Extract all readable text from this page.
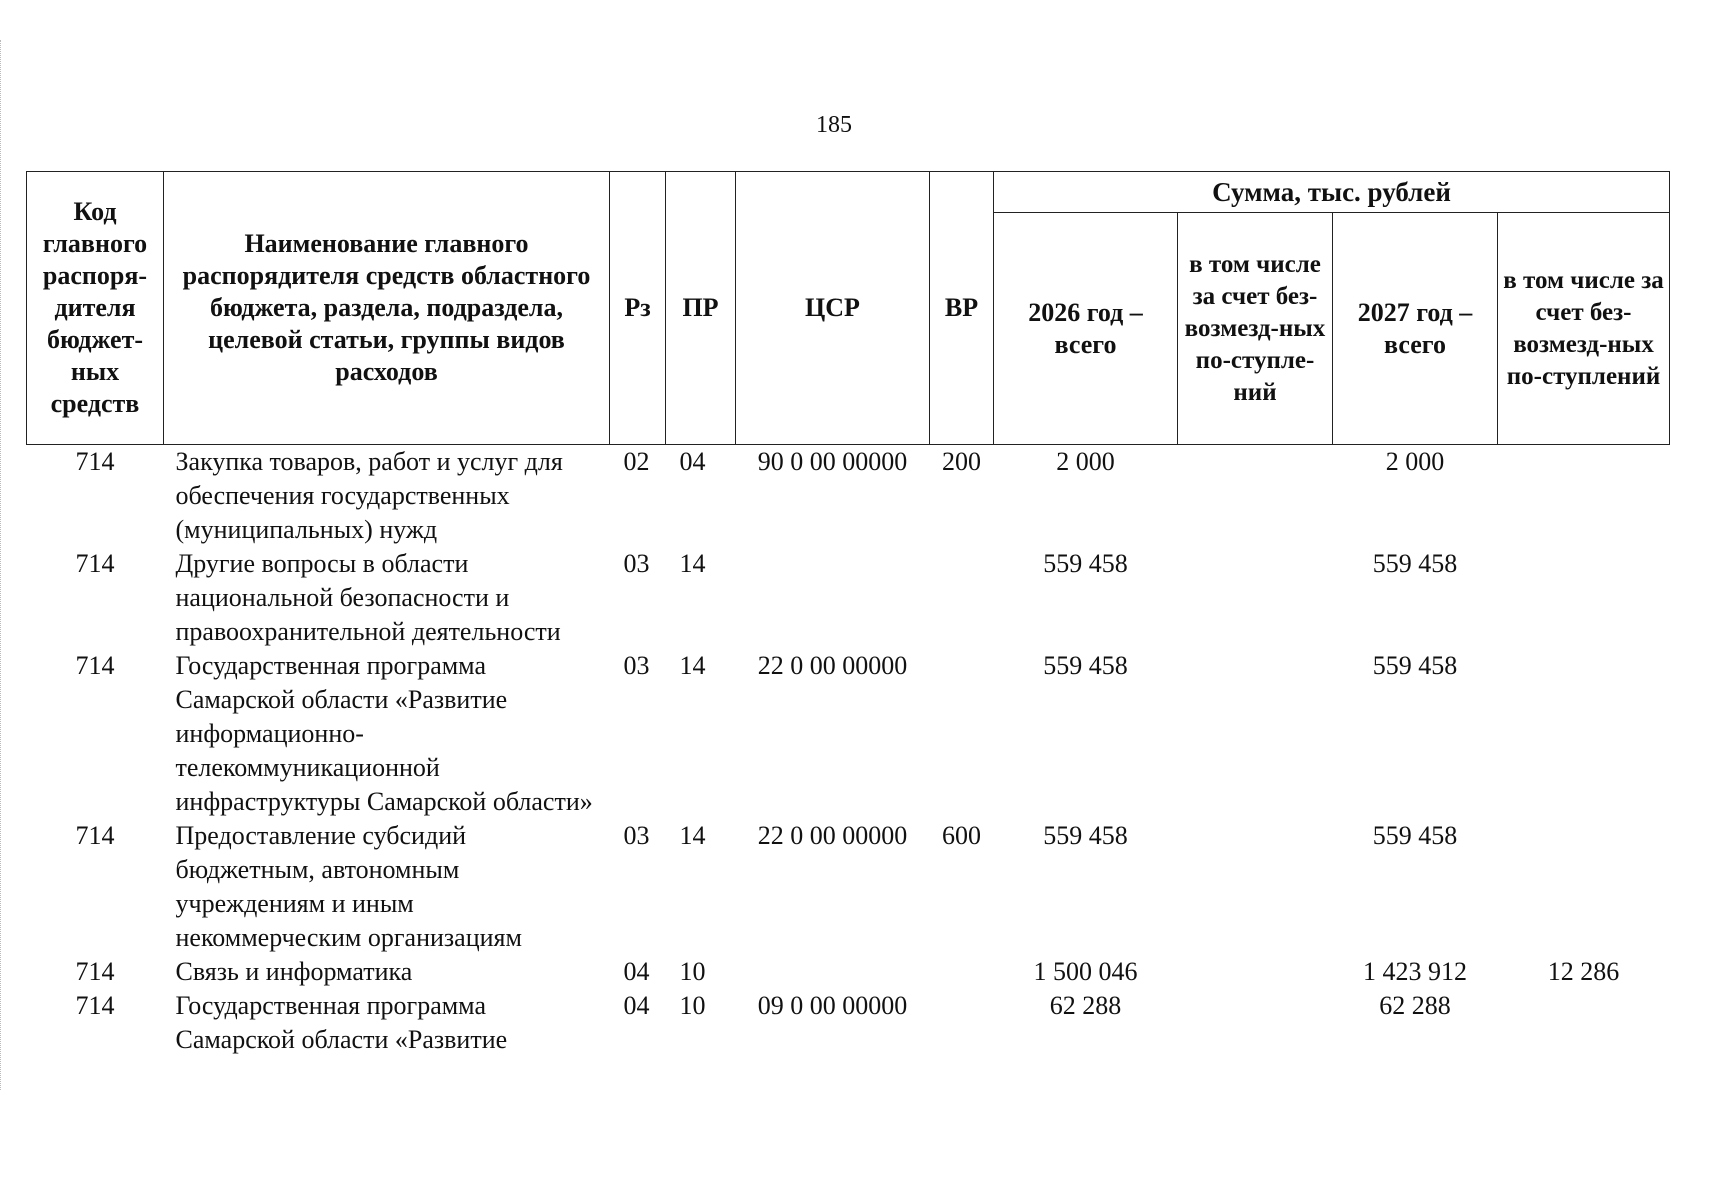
185
Код главного распоря-дителя бюджет-ных средств	Наименование главного распорядителя средств областного бюджета, раздела, подраздела, целевой статьи, группы видов расходов	Рз	ПР	ЦСР	ВР	Сумма, тыс. рублей			
						2026 год – всего	в том числе за счет без-возмезд-ных по-ступле-ний	2027 год – всего	в том числе за счет без-возмезд-ных по-ступлений
714	Закупка товаров, работ и услуг для обеспечения государственных (муниципальных) нужд	02	04	90 0 00 00000	200	2 000		2 000	
714	Другие вопросы в области национальной безопасности и правоохранительной деятельности	03	14			559 458		559 458	
714	Государственная программа Самарской области «Развитие информационно-телекоммуникационной инфраструктуры Самарской области»	03	14	22 0 00 00000		559 458		559 458	
714	Предоставление субсидий бюджетным, автономным учреждениям и иным некоммерческим организациям	03	14	22 0 00 00000	600	559 458		559 458	
714	Связь и информатика	04	10			1 500 046		1 423 912	12 286
714	Государственная программа Самарской области «Развитие	04	10	09 0 00 00000		62 288		62 288	
